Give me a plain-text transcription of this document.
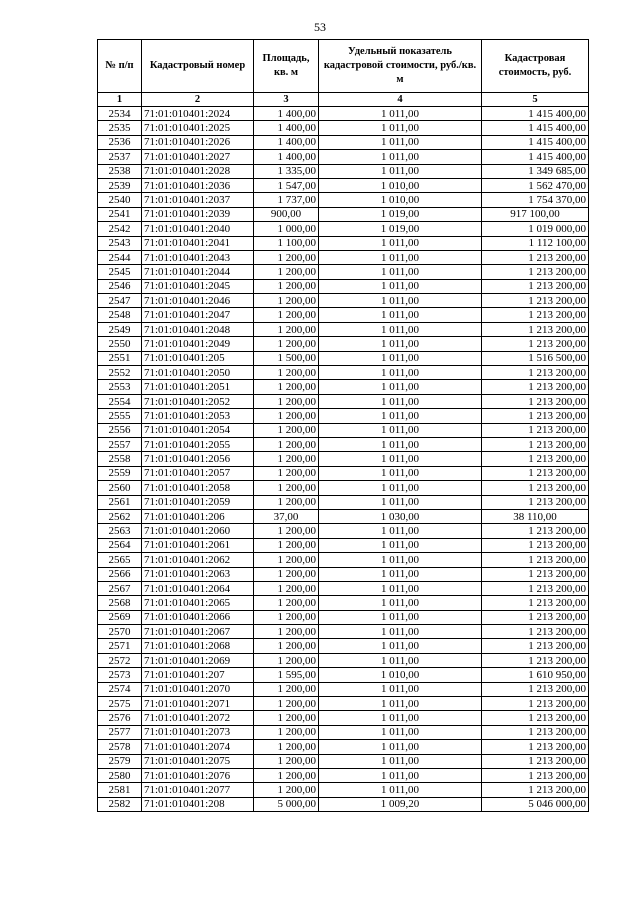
53
№ п/п	Кадастровый номер	Площадь, кв. м	Удельный показатель кадастровой стоимости, руб./кв. м	Кадастровая стоимость, руб.
1	2	3	4	5
2534	71:01:010401:2024	1 400,00	1 011,00	1 415 400,00
2535	71:01:010401:2025	1 400,00	1 011,00	1 415 400,00
2536	71:01:010401:2026	1 400,00	1 011,00	1 415 400,00
2537	71:01:010401:2027	1 400,00	1 011,00	1 415 400,00
2538	71:01:010401:2028	1 335,00	1 011,00	1 349 685,00
2539	71:01:010401:2036	1 547,00	1 010,00	1 562 470,00
2540	71:01:010401:2037	1 737,00	1 010,00	1 754 370,00
2541	71:01:010401:2039	900,00	1 019,00	917 100,00
2542	71:01:010401:2040	1 000,00	1 019,00	1 019 000,00
2543	71:01:010401:2041	1 100,00	1 011,00	1 112 100,00
2544	71:01:010401:2043	1 200,00	1 011,00	1 213 200,00
2545	71:01:010401:2044	1 200,00	1 011,00	1 213 200,00
2546	71:01:010401:2045	1 200,00	1 011,00	1 213 200,00
2547	71:01:010401:2046	1 200,00	1 011,00	1 213 200,00
2548	71:01:010401:2047	1 200,00	1 011,00	1 213 200,00
2549	71:01:010401:2048	1 200,00	1 011,00	1 213 200,00
2550	71:01:010401:2049	1 200,00	1 011,00	1 213 200,00
2551	71:01:010401:205	1 500,00	1 011,00	1 516 500,00
2552	71:01:010401:2050	1 200,00	1 011,00	1 213 200,00
2553	71:01:010401:2051	1 200,00	1 011,00	1 213 200,00
2554	71:01:010401:2052	1 200,00	1 011,00	1 213 200,00
2555	71:01:010401:2053	1 200,00	1 011,00	1 213 200,00
2556	71:01:010401:2054	1 200,00	1 011,00	1 213 200,00
2557	71:01:010401:2055	1 200,00	1 011,00	1 213 200,00
2558	71:01:010401:2056	1 200,00	1 011,00	1 213 200,00
2559	71:01:010401:2057	1 200,00	1 011,00	1 213 200,00
2560	71:01:010401:2058	1 200,00	1 011,00	1 213 200,00
2561	71:01:010401:2059	1 200,00	1 011,00	1 213 200,00
2562	71:01:010401:206	37,00	1 030,00	38 110,00
2563	71:01:010401:2060	1 200,00	1 011,00	1 213 200,00
2564	71:01:010401:2061	1 200,00	1 011,00	1 213 200,00
2565	71:01:010401:2062	1 200,00	1 011,00	1 213 200,00
2566	71:01:010401:2063	1 200,00	1 011,00	1 213 200,00
2567	71:01:010401:2064	1 200,00	1 011,00	1 213 200,00
2568	71:01:010401:2065	1 200,00	1 011,00	1 213 200,00
2569	71:01:010401:2066	1 200,00	1 011,00	1 213 200,00
2570	71:01:010401:2067	1 200,00	1 011,00	1 213 200,00
2571	71:01:010401:2068	1 200,00	1 011,00	1 213 200,00
2572	71:01:010401:2069	1 200,00	1 011,00	1 213 200,00
2573	71:01:010401:207	1 595,00	1 010,00	1 610 950,00
2574	71:01:010401:2070	1 200,00	1 011,00	1 213 200,00
2575	71:01:010401:2071	1 200,00	1 011,00	1 213 200,00
2576	71:01:010401:2072	1 200,00	1 011,00	1 213 200,00
2577	71:01:010401:2073	1 200,00	1 011,00	1 213 200,00
2578	71:01:010401:2074	1 200,00	1 011,00	1 213 200,00
2579	71:01:010401:2075	1 200,00	1 011,00	1 213 200,00
2580	71:01:010401:2076	1 200,00	1 011,00	1 213 200,00
2581	71:01:010401:2077	1 200,00	1 011,00	1 213 200,00
2582	71:01:010401:208	5 000,00	1 009,20	5 046 000,00
